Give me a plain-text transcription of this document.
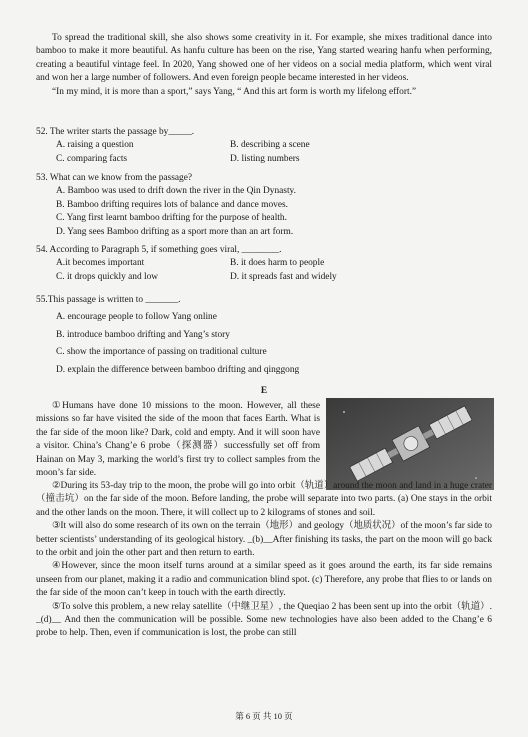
To spread the traditional skill, she also shows some creativity in it. For example, she mixes traditional dance into bamboo to make it more beautiful. As hanfu culture has been on the rise, Yang started wearing hanfu when performing, creating a beautiful vintage feel. In 2020, Yang showed one of her videos on a social media platform, which went viral and won her a large number of followers. And even foreign people became interested in her videos.

“In my mind, it is more than a sport,” says Yang, “ And this art form is worth my lifelong effort.”

52. The writer starts the passage by_____.

A. raising a question	B. describing a scene
C. comparing facts	D. listing numbers

53. What can we know from the passage?

A. Bamboo was used to drift down the river in the Qin Dynasty.
B. Bamboo drifting requires lots of balance and dance moves.
C. Yang first learnt bamboo drifting for the purpose of health.
D. Yang sees Bamboo drifting as a sport more than an art form.

54. According to Paragraph 5, if something goes viral, ________.

A.it becomes important	B. it does harm to people
C. it drops quickly and low	D. it spreads fast and widely

55.This passage is written to _______.

A. encourage people to follow Yang online
B. introduce bamboo drifting and Yang’s story
C. show the importance of passing on traditional culture
D. explain the difference between bamboo drifting and qinggong
E

①Humans have done 10 missions to the moon. However, all these missions so far have visited the side of the moon that faces Earth. What is the far side of the moon like? Dark, cold and empty. And it will soon have a visitor. China’s Chang’e 6 probe（探测器）successfully set off from Hainan on May 3, marking the world’s first try to collect samples from the moon’s far side.

②During its 53-day trip to the moon, the probe will go into orbit（轨道）around the moon and land in a huge crater（撞击坑）on the far side of the moon. Before landing, the probe will separate into two parts. (a) One stays in the orbit and the other lands on the moon. There, it will collect up to 2 kilograms of stones and soil.

③It will also do some research of its own on the terrain（地形）and geology（地质状况）of the moon’s far side to better scientists’ understanding of its geological history. _(b)__After finishing its tasks, the part on the moon will go back to the orbit and join the other part and then return to earth.

④However, since the moon itself turns around at a similar speed as it goes around the earth, its far side remains unseen from our planet, making it a radio and communication blind spot. (c) Therefore, any probe that flies to or lands on the far side of the moon can’t keep in touch with the earth directly.

⑤To solve this problem, a new relay satellite（中继卫星）, the Queqiao 2 has been sent up into the orbit（轨道）. _(d)__ And then the communication will be possible. Some new technologies have also been added to the Chang’e 6 probe to help. Then, even if communication is lost, the probe can still

第 6 页 共 10 页
